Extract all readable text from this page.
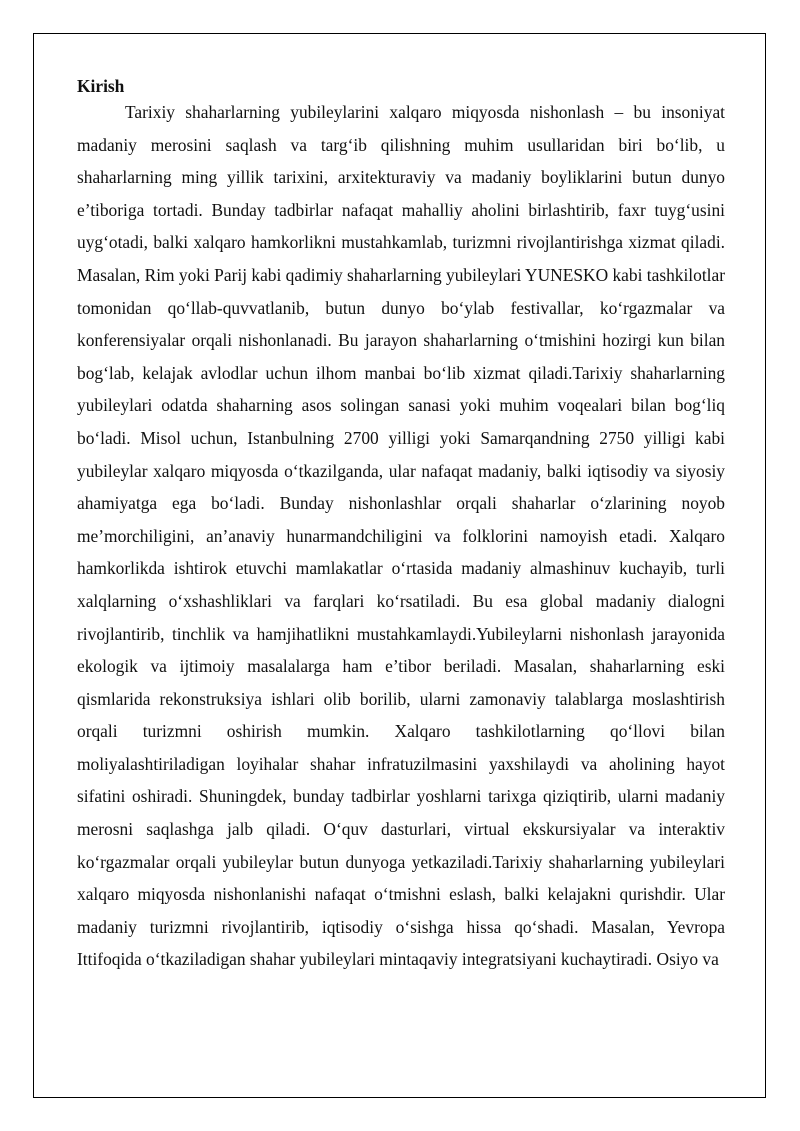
Kirish

Tarixiy shaharlarning yubileylarini xalqaro miqyosda nishonlash – bu insoniyat madaniy merosini saqlash va targ‘ib qilishning muhim usullaridan biri bo‘lib, u shaharlarning ming yillik tarixini, arxitekturaviy va madaniy boyliklarini butun dunyo e’tiboriga tortadi. Bunday tadbirlar nafaqat mahalliy aholini birlashtirib, faxr tuyg‘usini uyg‘otadi, balki xalqaro hamkorlikni mustahkamlab, turizmni rivojlantirishga xizmat qiladi. Masalan, Rim yoki Parij kabi qadimiy shaharlarning yubileylari YUNESKO kabi tashkilotlar tomonidan qo‘llab-quvvatlanib, butun dunyo bo‘ylab festivallar, ko‘rgazmalar va konferensiyalar orqali nishonlanadi. Bu jarayon shaharlarning o‘tmishini hozirgi kun bilan bog‘lab, kelajak avlodlar uchun ilhom manbai bo‘lib xizmat qiladi.Tarixiy shaharlarning yubileylari odatda shaharning asos solingan sanasi yoki muhim voqealari bilan bog‘liq bo‘ladi. Misol uchun, Istanbulning 2700 yilligi yoki Samarqandning 2750 yilligi kabi yubileylar xalqaro miqyosda o‘tkazilganda, ular nafaqat madaniy, balki iqtisodiy va siyosiy ahamiyatga ega bo‘ladi. Bunday nishonlashlar orqali shaharlar o‘zlarining noyob me’morchiligini, an’anaviy hunarmandchiligini va folklorini namoyish etadi. Xalqaro hamkorlikda ishtirok etuvchi mamlakatlar o‘rtasida madaniy almashinuv kuchayib, turli xalqlarning o‘xshashliklari va farqlari ko‘rsatiladi. Bu esa global madaniy dialogni rivojlantirib, tinchlik va hamjihatlikni mustahkamlaydi.Yubileylarni nishonlash jarayonida ekologik va ijtimoiy masalalarga ham e’tibor beriladi. Masalan, shaharlarning eski qismlarida rekonstruksiya ishlari olib borilib, ularni zamonaviy talablarga moslashtirish orqali turizmni oshirish mumkin. Xalqaro tashkilotlarning qo‘llovi bilan moliyalashtiriladigan loyihalar shahar infratuzilmasini yaxshilaydi va aholining hayot sifatini oshiradi. Shuningdek, bunday tadbirlar yoshlarni tarixga qiziqtirib, ularni madaniy merosni saqlashga jalb qiladi. O‘quv dasturlari, virtual ekskursiyalar va interaktiv ko‘rgazmalar orqali yubileylar butun dunyoga yetkaziladi.Tarixiy shaharlarning yubileylari xalqaro miqyosda nishonlanishi nafaqat o‘tmishni eslash, balki kelajakni qurishdir. Ular madaniy turizmni rivojlantirib, iqtisodiy o‘sishga hissa qo‘shadi. Masalan, Yevropa Ittifoqida o‘tkaziladigan shahar yubileylari mintaqaviy integratsiyani kuchaytiradi. Osiyo va
